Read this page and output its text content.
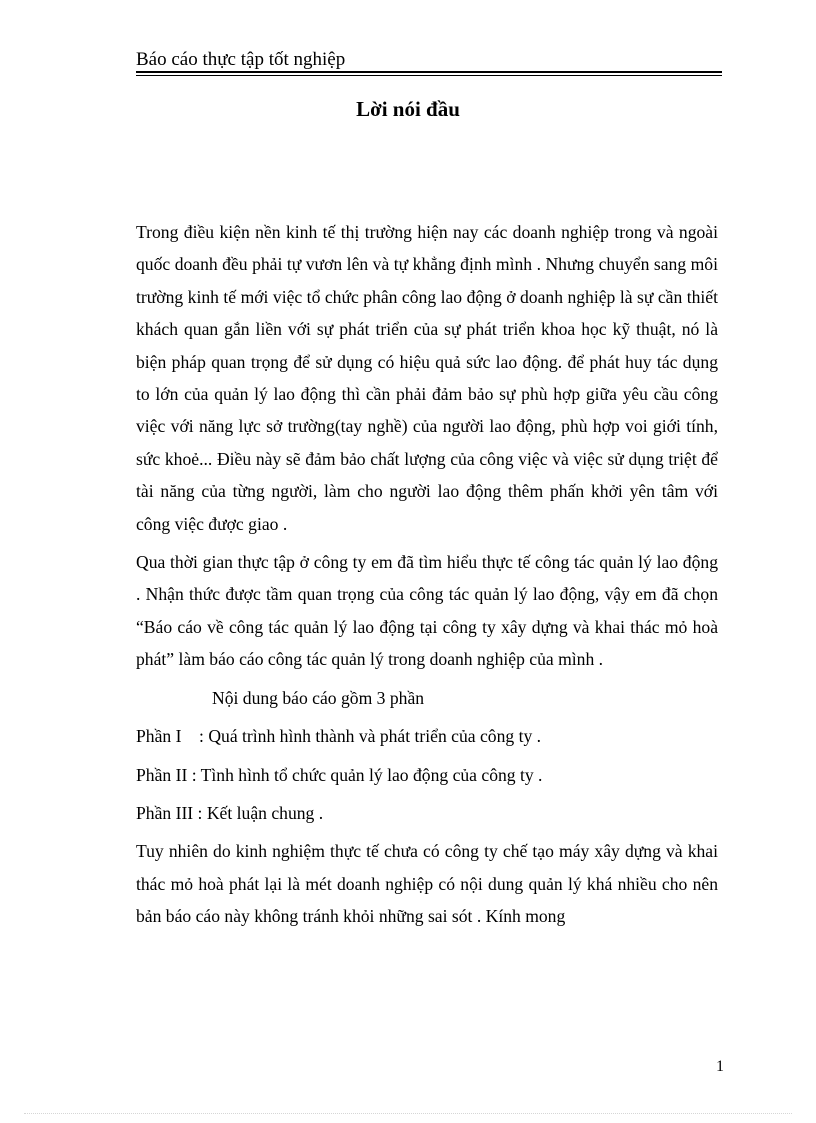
Báo cáo thực tập tốt nghiệp
Lời nói đầu

Trong điều kiện nền kinh tế thị trường hiện nay các doanh nghiệp trong và ngoài quốc doanh đều phải tự vươn lên và tự khẳng định mình . Nhưng chuyển sang môi trường kinh tế mới việc tổ chức phân công lao động ở doanh nghiệp là sự cần thiết khách quan gắn liền với sự phát triển của sự phát triển khoa học kỹ thuật, nó là biện pháp quan trọng để sử dụng có hiệu quả sức lao động. để phát huy tác dụng to lớn của quản lý lao động thì cần phải đảm bảo sự phù hợp giữa yêu cầu công việc với năng lực sở trường(tay nghề) của người lao động, phù hợp voi giới tính, sức khoẻ... Điều này sẽ đảm bảo chất lượng của công việc và việc sử dụng triệt để tài năng của từng người, làm cho người lao động thêm phấn khởi yên tâm với công việc được giao .

Qua thời gian thực tập ở công ty em đã tìm hiểu thực tế công tác quản lý lao động . Nhận thức được tầm quan trọng của công tác quản lý lao động, vậy em đã chọn “Báo cáo về công tác quản lý lao động tại công ty xây dựng và khai thác mỏ hoà phát” làm báo cáo công tác quản lý trong doanh nghiệp của mình .

Nội dung báo cáo gồm 3 phần

Phần I    : Quá trình hình thành và phát triển của công ty .

Phần II : Tình hình tổ chức quản lý lao động của công ty .

Phần III : Kết luận chung .

Tuy nhiên do kinh nghiệm thực tế chưa có công ty chế tạo máy xây dựng và khai thác mỏ hoà phát lại là mét doanh nghiệp có nội dung quản lý khá nhiều cho nên bản báo cáo này không tránh khỏi những sai sót . Kính mong

1
